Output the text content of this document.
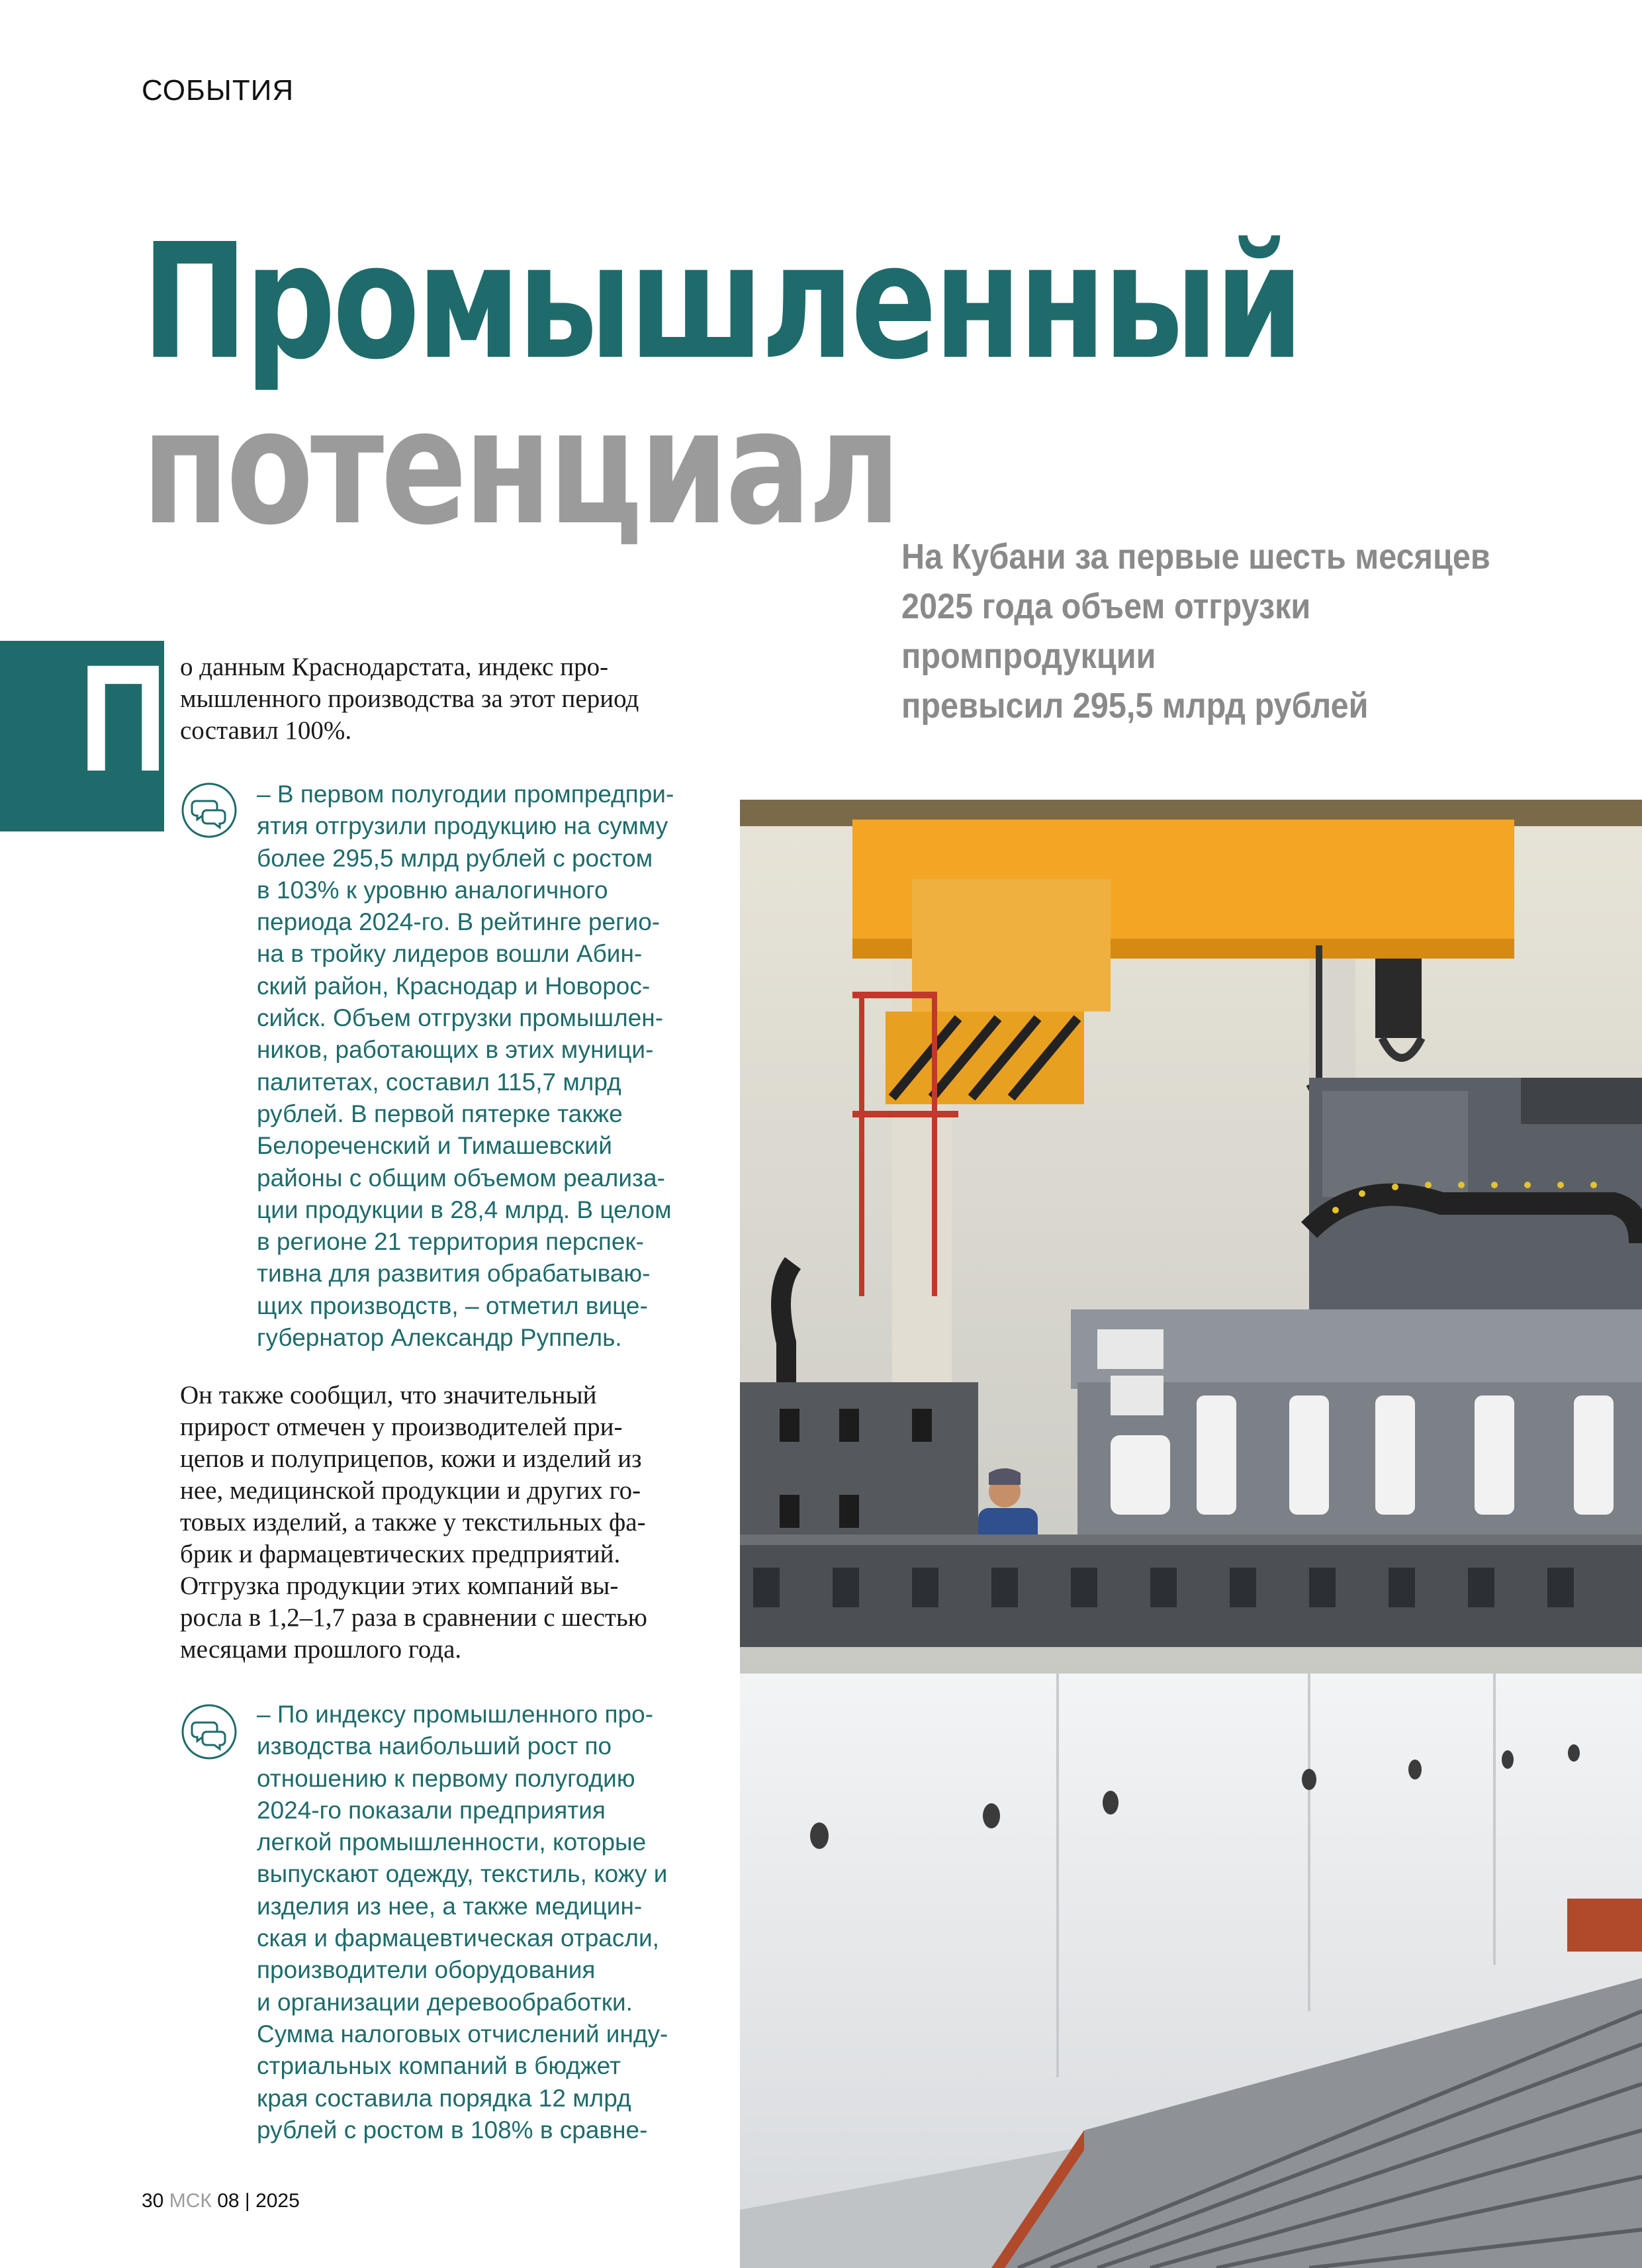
СОБЫТИЯ
Промышленный
потенциал На Кубани за первые шесть месяцев
2025 года объем отгрузки
промпродукции
превысил 295,5 млрд рублей
П о данным Краснодарстата, индекс про-
мышленного производства за этот период
составил 100%.
– В первом полугодии промпредпри-
ятия отгрузили продукцию на сумму
более 295,5 млрд рублей с ростом
в 103% к уровню аналогичного
периода 2024-го. В рейтинге регио-
на в тройку лидеров вошли Абин-
ский район, Краснодар и Новорос-
сийск. Объем отгрузки промышлен-
ников, работающих в этих муници-
палитетах, составил 115,7 млрд
рублей. В первой пятерке также
Белореченский и Тимашевский
районы с общим объемом реализа-
ции продукции в 28,4 млрд. В целом
в регионе 21 территория перспек-
тивна для развития обрабатываю-
щих производств, – отметил вице-
губернатор Александр Руппель.
Он также сообщил, что значительный
прирост отмечен у производителей при-
цепов и полуприцепов, кожи и изделий из
нее, медицинской продукции и других го-
товых изделий, а также у текстильных фа-
брик и фармацевтических предприятий.
Отгрузка продукции этих компаний вы-
росла в 1,2–1,7 раза в сравнении с шестью
месяцами прошлого года.
– По индексу промышленного про-
изводства наибольший рост по
отношению к первому полугодию
2024-го показали предприятия
легкой промышленности, которые
выпускают одежду, текстиль, кожу и
изделия из нее, а также медицин-
ская и фармацевтическая отрасли,
производители оборудования
и организации деревообработки.
Сумма налоговых отчислений инду-
стриальных компаний в бюджет
края составила порядка 12 млрд
рублей с ростом в 108% в сравне-
30 МСК 08 | 2025
